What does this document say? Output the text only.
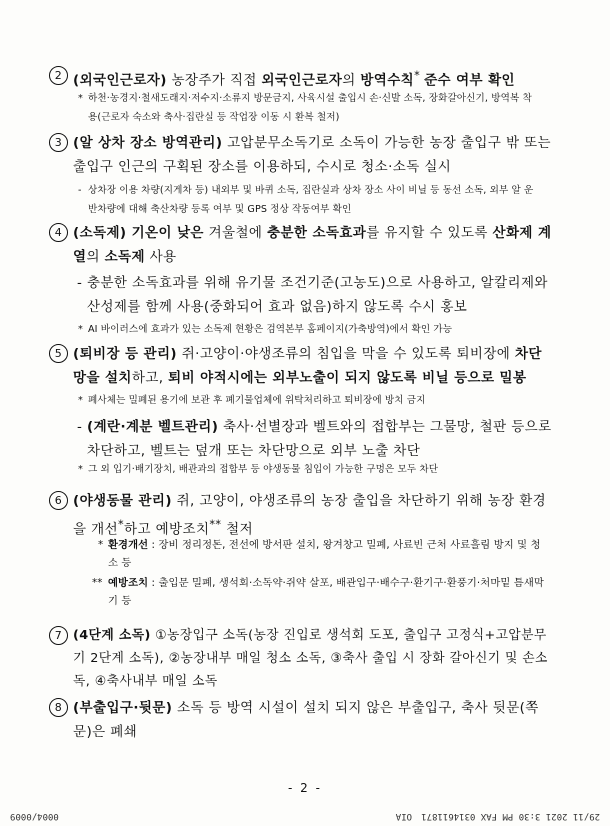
2 (외국인근로자) 농장주가 직접 외국인근로자의 방역수칙* 준수 여부 확인
* 하천·농경지·철새도래지·저수지·소류지 방문금지, 사육시설 출입시 손·신발 소독, 장화갈아신기, 방역복 착용(근로자 숙소와 축사·집란실 등 작업장 이동 시 환복 철저)
3 (알 상차 장소 방역관리) 고압분무소독기로 소독이 가능한 농장 출입구 밖 또는 출입구 인근의 구획된 장소를 이용하되, 수시로 청소·소독 실시
- 상차장 이용 차량(지게차 등) 내외부 및 바퀴 소독, 집란실과 상차 장소 사이 비닐 등 동선 소독, 외부 알 운반차량에 대해 축산차량 등록 여부 및 GPS 정상 작동여부 확인
4 (소독제) 기온이 낮은 겨울철에 충분한 소독효과를 유지할 수 있도록 산화제 계열의 소독제 사용
- 충분한 소독효과를 위해 유기물 조건기준(고농도)으로 사용하고, 알칼리제와 산성제를 함께 사용(중화되어 효과 없음)하지 않도록 수시 홍보
* AI 바이러스에 효과가 있는 소독제 현황은 검역본부 홈페이지(가축방역)에서 확인 가능
5 (퇴비장 등 관리) 쥐·고양이·야생조류의 침입을 막을 수 있도록 퇴비장에 차단망을 설치하고, 퇴비 야적시에는 외부노출이 되지 않도록 비닐 등으로 밀봉
* 폐사체는 밀폐된 용기에 보관 후 폐기물업체에 위탁처리하고 퇴비장에 방치 금지
- (계란·계분 벨트관리) 축사·선별장과 벨트와의 접합부는 그물망, 철판 등으로 차단하고, 벨트는 덮개 또는 차단망으로 외부 노출 차단
* 그 외 입기·배기장치, 배관과의 접합부 등 야생동물 침입이 가능한 구멍은 모두 차단
6 (야생동물 관리) 쥐, 고양이, 야생조류의 농장 출입을 차단하기 위해 농장 환경을 개선*하고 예방조치** 철저
* 환경개선 : 장비 정리정돈, 전선에 방서판 설치, 왕겨창고 밀폐, 사료빈 근처 사료흘림 방지 및 청소 등
** 예방조치 : 출입문 밀폐, 생석회·소독약·쥐약 살포, 배관입구·배수구·환기구·환풍기·처마밑 틈새막기 등
7 (4단계 소독) ①농장입구 소독(농장 진입로 생석회 도포, 출입구 고정식+고압분무기 2단계 소독), ②농장내부 매일 청소 소독, ③축사 출입 시 장화 갈아신기 및 손소독, ④축사내부 매일 소독
8 (부출입구·뒷문) 소독 등 방역 시설이 설치 되지 않은 부출입구, 축사 뒷문(쪽문)은 폐쇄
- 2 -
29/11 2021 3:30 PM FAX 0314611871
OIA
0004/0009
